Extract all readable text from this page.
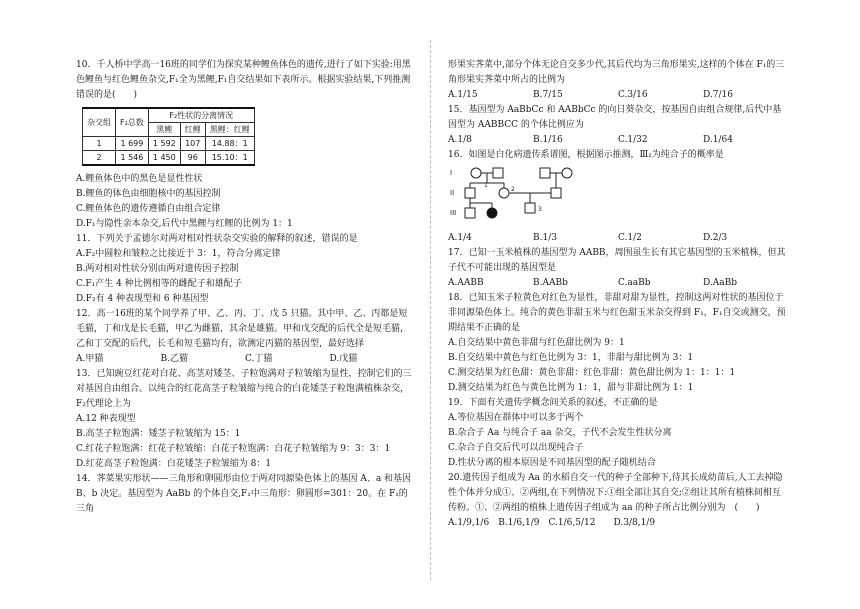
10．千人桥中学高一16班的同学们为探究某种鲤鱼体色的遗传,进行了如下实验:用黑色鲤鱼与红色鲤鱼杂交,F₁全为黑鲤,F₁自交结果如下表所示。根据实验结果,下列推测错误的是(　　)

杂交组	F₂总数	F₂性状的分离情况		
		黑鲤	红鲤	黑鲤：红鲤
1	1 699	1 592	107	14.88：1
2	1 546	1 450	96	15.10：1

A.鲤鱼体色中的黑色是显性性状

B.鲤鱼的体色由细胞核中的基因控制

C.鲤鱼体色的遗传遵循自由组合定律

D.F₁与隐性亲本杂交,后代中黑鲤与红鲤的比例为 1：1

11．下列关于孟德尔对两对相对性状杂交实验的解释的叙述，错误的是

A.F₂中圆粒和皱粒之比接近于 3：1，符合分离定律

B.两对相对性状分别由两对遗传因子控制

C.F₁产生 4 种比例相等的雌配子和雄配子

D.F₂有 4 种表现型和 6 种基因型

12．高一16班的某个同学养了甲、乙、丙、丁、戊 5 只猫。其中甲、乙、丙都是短毛猫，丁和戊是长毛猫，甲乙为雌猫，其余是雄猫。甲和戊交配的后代全是短毛猫，乙和丁交配的后代，长毛和短毛猫均有，欲测定丙猫的基因型，最好选择

A.甲猫	B.乙猫	C.丁猫	D.戊猫

13．已知豌豆红花对白花、高茎对矮茎、子粒饱满对子粒皱缩为显性，控制它们的三对基因自由组合。以纯合的红花高茎子粒皱缩与纯合的白花矮茎子粒饱满植株杂交，F₂代理论上为

A.12 种表现型

B.高茎子粒饱满：矮茎子粒皱缩为 15：1

C.红花子粒饱满：红花子粒皱缩：白花子粒饱满：白花子粒皱缩为 9：3：3：1

D.红花高茎子粒饱满：白花矮茎子粒皱缩为 8：1

14．荠菜果实形状——三角形和卵圆形由位于两对同源染色体上的基因 A、a 和基因 B、b 决定。基因型为 AaBb 的个体自交,F₁中三角形：卵圆形=301：20。在 F₁的三角

形果实荠菜中,部分个体无论自交多少代,其后代均为三角形果实,这样的个体在 F₁的三角形果实荠菜中所占的比例为

A.1/15	B.7/15	C.3/16	D.7/16

15．基因型为 AaBbCc 和 AABbCc 的向日葵杂交，按基因自由组合规律,后代中基因型为 AABBCC 的个体比例应为

A.1/8	B.1/16	C.1/32	D.1/64

16．如图是白化病遗传系谱图，根据图示推测，Ⅲ₂为纯合子的概率是

I
II
III
1
2
3
A.1/4	B.1/3	C.1/2	D.2/3

17．已知一玉米植株的基因型为 AABB，周围虽生长有其它基因型的玉米植株，但其子代不可能出现的基因型是

A.AABB	B.AABb	C.aaBb	D.AaBb

18．已知玉米子粒黄色对红色为显性，非甜对甜为显性，控制这两对性状的基因位于非同源染色体上。纯合的黄色非甜玉米与红色甜玉米杂交得到 F₁，F₁自交或测交，预期结果不正确的是

A.自交结果中黄色非甜与红色甜比例为 9：1

B.自交结果中黄色与红色比例为 3：1，非甜与甜比例为 3：1

C.测交结果为红色甜：黄色非甜：红色非甜：黄色甜比例为 1：1：1：1

D.测交结果为红色与黄色比例为 1：1，甜与非甜比例为 1：1

19．下面有关遗传学概念间关系的叙述，不正确的是

A.等位基因在群体中可以多于两个

B.杂合子 Aa 与纯合子 aa 杂交，子代不会发生性状分离

C.杂合子自交后代可以出现纯合子

D.性状分离的根本原因是不同基因型的配子随机结合

20.遗传因子组成为 Aa 的水稻自交一代的种子全部种下,待其长成幼苗后,人工去掉隐性个体并分成①、②两组,在下列情况下:①组全部让其自交;②组让其所有植株间相互传粉。①、②两组的植株上遗传因子组成为 aa 的种子所占比例分别为　(　　)

A.1/9,1/6　B.1/6,1/9　C.1/6,5/12　　D.3/8,1/9
